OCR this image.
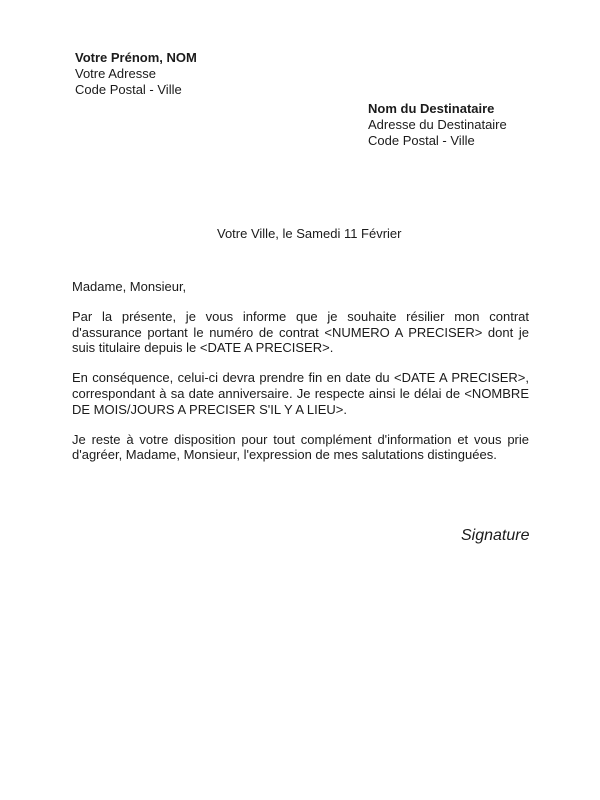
Votre Prénom, NOM
Votre Adresse
Code Postal - Ville
Nom du Destinataire
Adresse du Destinataire
Code Postal - Ville
Votre Ville, le Samedi 11 Février
Madame, Monsieur,

Par la présente, je vous informe que je souhaite résilier mon contrat d'assurance portant le numéro de contrat <NUMERO A PRECISER> dont je suis titulaire depuis le <DATE A PRECISER>.

En conséquence, celui-ci devra prendre fin en date du <DATE A PRECISER>, correspondant à sa date anniversaire. Je respecte ainsi le délai de <NOMBRE DE MOIS/JOURS A PRECISER S'IL Y A LIEU>.

Je reste à votre disposition pour tout complément d'information et vous prie d'agréer, Madame, Monsieur, l'expression de mes salutations distinguées.

Signature
